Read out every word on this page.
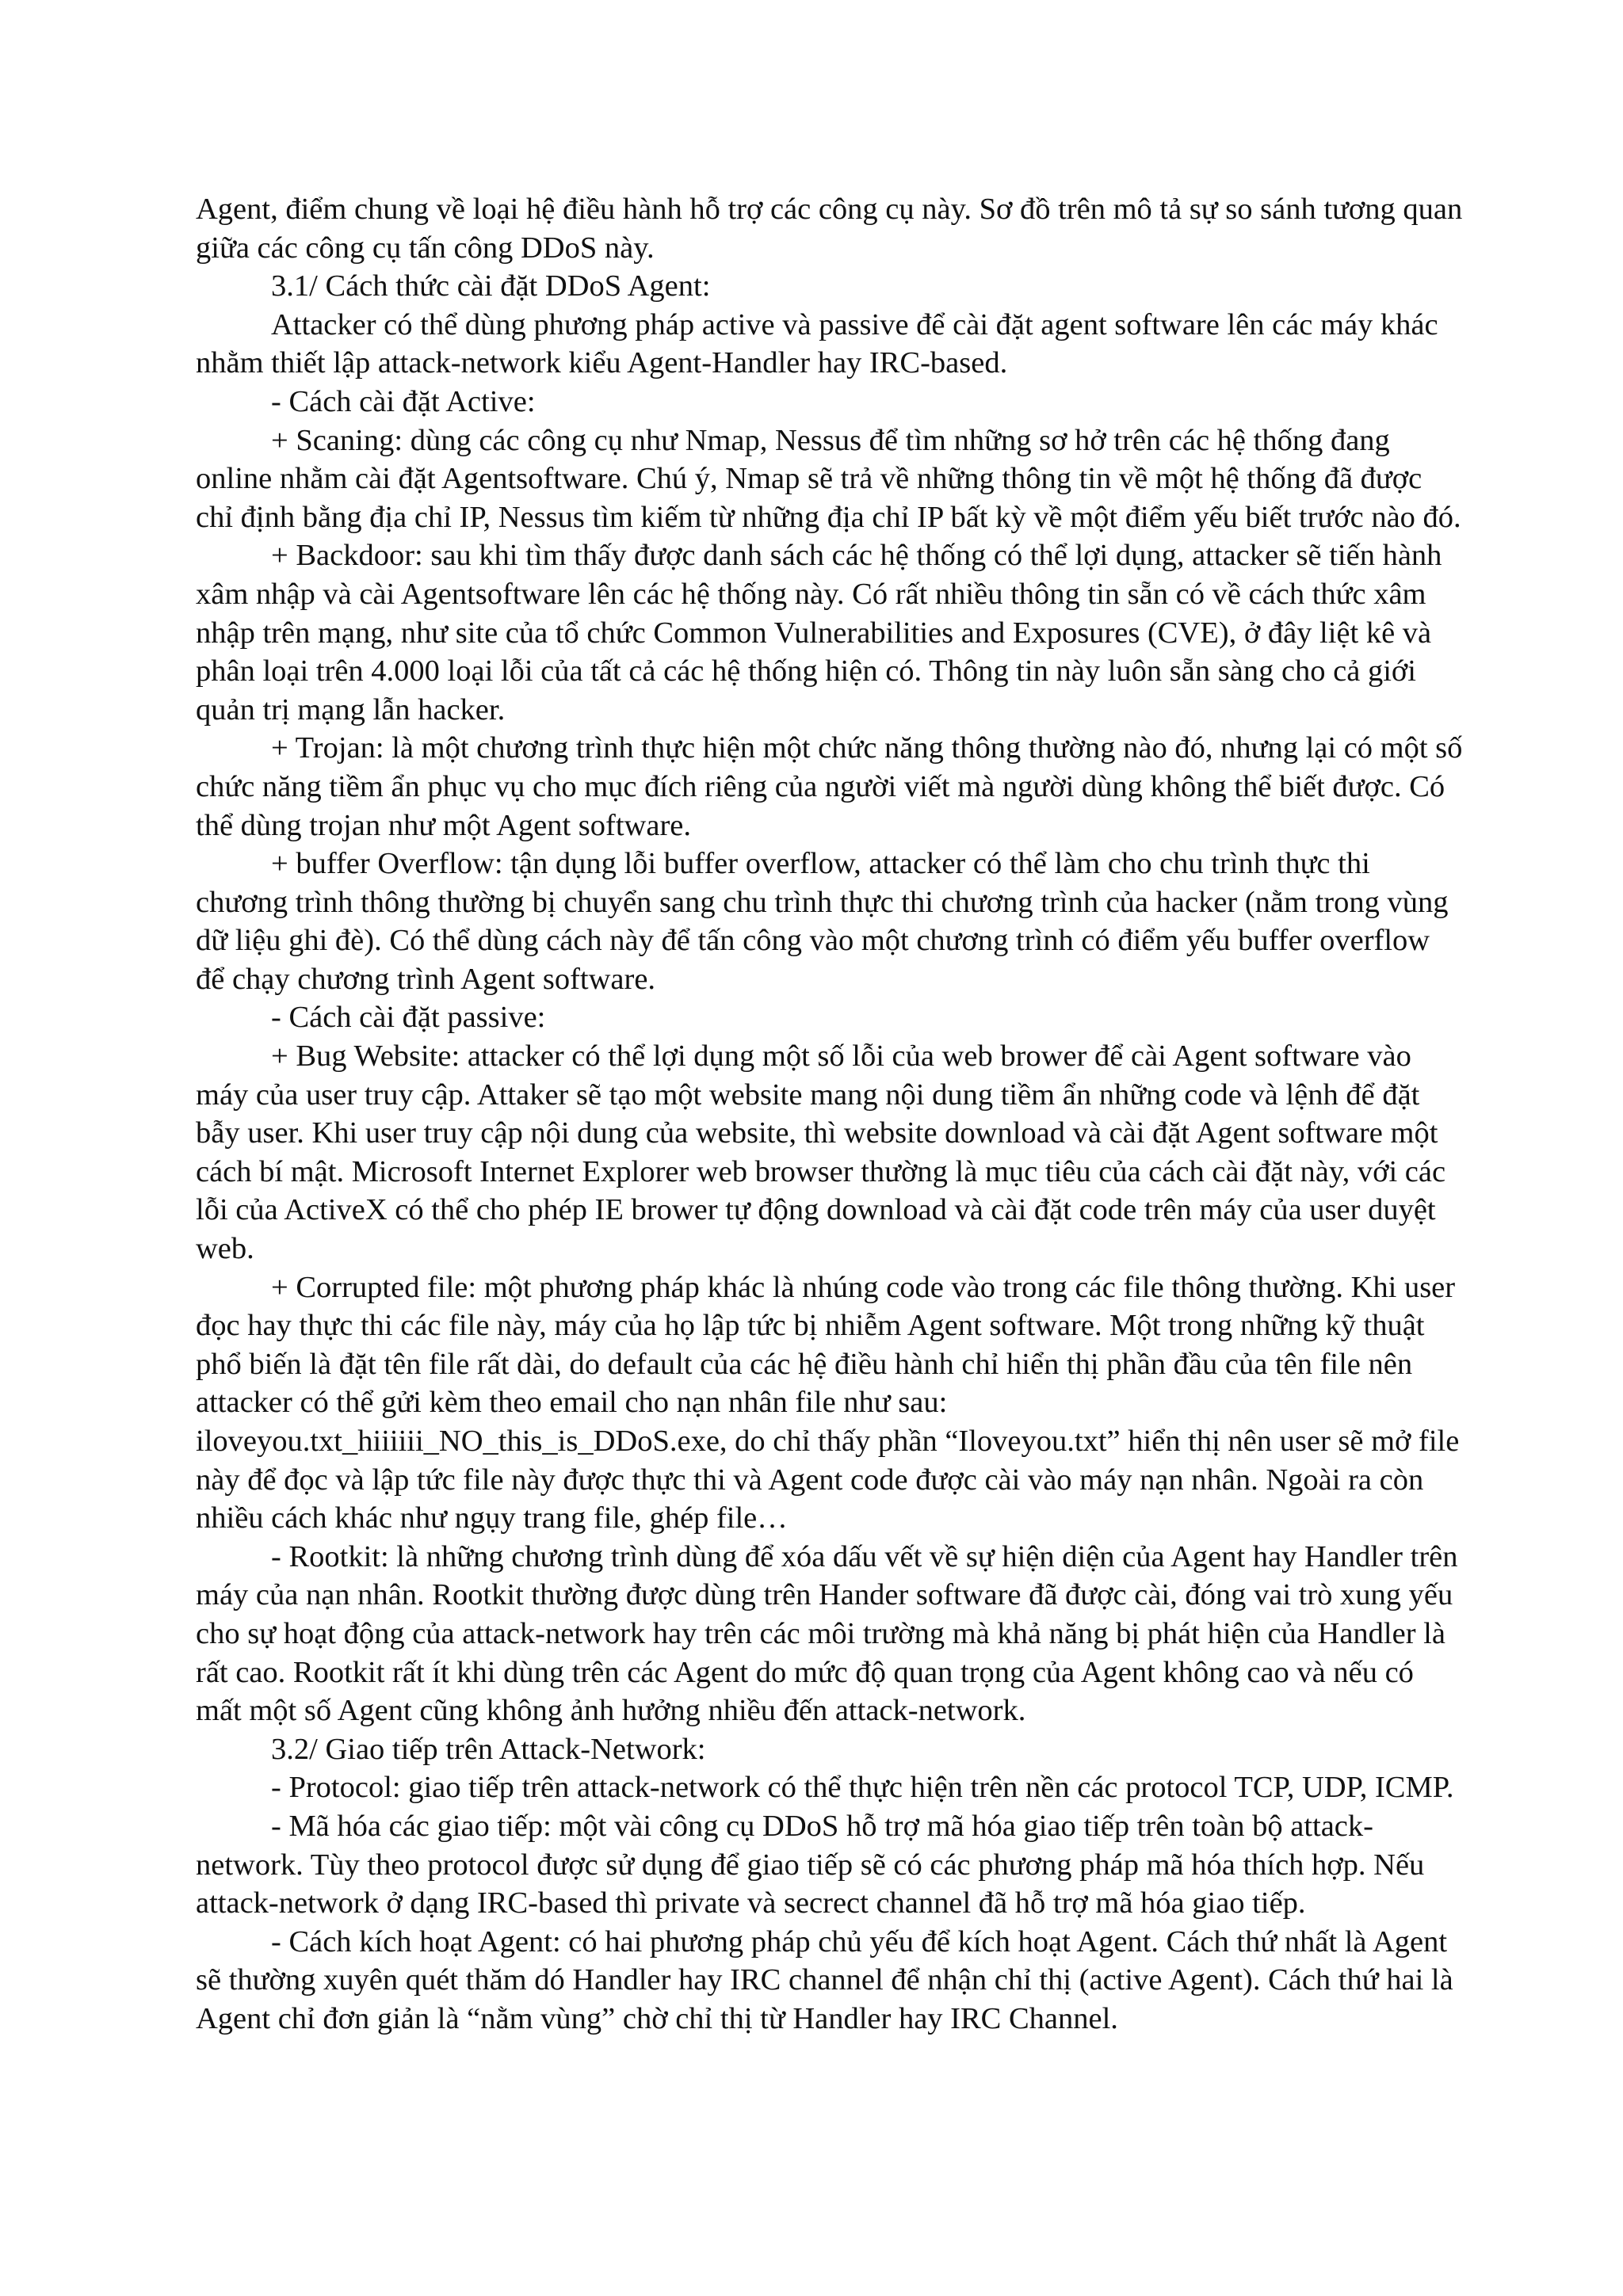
Agent, điểm chung về loại hệ điều hành hỗ trợ các công cụ này. Sơ đồ trên mô tả sự so sánh tương quan giữa các công cụ tấn công DDoS này.

3.1/ Cách thức cài đặt DDoS Agent:

Attacker có thể dùng phương pháp active và passive để cài đặt agent software lên các máy khác nhằm thiết lập attack-network kiểu Agent-Handler hay IRC-based.

- Cách cài đặt Active:

+ Scaning: dùng các công cụ như Nmap, Nessus để tìm những sơ hở trên các hệ thống đang online nhằm cài đặt Agentsoftware. Chú ý, Nmap sẽ trả về những thông tin về một hệ thống đã được chỉ định bằng địa chỉ IP, Nessus tìm kiếm từ những địa chỉ IP bất kỳ về một điểm yếu biết trước nào đó.

+ Backdoor: sau khi tìm thấy được danh sách các hệ thống có thể lợi dụng, attacker sẽ tiến hành xâm nhập và cài Agentsoftware lên các hệ thống này. Có rất nhiều thông tin sẵn có về cách thức xâm nhập trên mạng, như site của tổ chức Common Vulnerabilities and Exposures (CVE), ở đây liệt kê và phân loại trên 4.000 loại lỗi của tất cả các hệ thống hiện có. Thông tin này luôn sẵn sàng cho cả giới quản trị mạng lẫn hacker.

+ Trojan: là một chương trình thực hiện một chức năng thông thường nào đó, nhưng lại có một số chức năng tiềm ẩn phục vụ cho mục đích riêng của người viết mà người dùng không thể biết được. Có thể dùng trojan như một Agent software.

+ buffer Overflow: tận dụng lỗi buffer overflow, attacker có thể làm cho chu trình thực thi chương trình thông thường bị chuyển sang chu trình thực thi chương trình của hacker (nằm trong vùng dữ liệu ghi đè). Có thể dùng cách này để tấn công vào một chương trình có điểm yếu buffer overflow để chạy chương trình Agent software.

- Cách cài đặt passive:

+ Bug Website: attacker có thể lợi dụng một số lỗi của web brower để cài Agent software vào máy của user truy cập. Attaker sẽ tạo một website mang nội dung tiềm ẩn những code và lệnh để đặt bẫy user. Khi user truy cập nội dung của website, thì website download và cài đặt Agent software một cách bí mật. Microsoft Internet Explorer web browser thường là mục tiêu của cách cài đặt này, với các lỗi của ActiveX có thể cho phép IE brower tự động download và cài đặt code trên máy của user duyệt web.

+ Corrupted file: một phương pháp khác là nhúng code vào trong các file thông thường. Khi user đọc hay thực thi các file này, máy của họ lập tức bị nhiễm Agent software. Một trong những kỹ thuật phổ biến là đặt tên file rất dài, do default của các hệ điều hành chỉ hiển thị phần đầu của tên file nên attacker có thể gửi kèm theo email cho nạn nhân file như sau: iloveyou.txt_hiiiiii_NO_this_is_DDoS.exe, do chỉ thấy phần “Iloveyou.txt” hiển thị nên user sẽ mở file này để đọc và lập tức file này được thực thi và Agent code được cài vào máy nạn nhân. Ngoài ra còn nhiều cách khác như ngụy trang file, ghép file…

- Rootkit: là những chương trình dùng để xóa dấu vết về sự hiện diện của Agent hay Handler trên máy của nạn nhân. Rootkit thường được dùng trên Hander software đã được cài, đóng vai trò xung yếu cho sự hoạt động của attack-network hay trên các môi trường mà khả năng bị phát hiện của Handler là rất cao. Rootkit rất ít khi dùng trên các Agent do mức độ quan trọng của Agent không cao và nếu có mất một số Agent cũng không ảnh hưởng nhiều đến attack-network.

3.2/ Giao tiếp trên Attack-Network:

- Protocol: giao tiếp trên attack-network có thể thực hiện trên nền các protocol TCP, UDP, ICMP.

- Mã hóa các giao tiếp: một vài công cụ DDoS hỗ trợ mã hóa giao tiếp trên toàn bộ attack-network. Tùy theo protocol được sử dụng để giao tiếp sẽ có các phương pháp mã hóa thích hợp. Nếu attack-network ở dạng IRC-based thì private và secrect channel đã hỗ trợ mã hóa giao tiếp.

- Cách kích hoạt Agent: có hai phương pháp chủ yếu để kích hoạt Agent. Cách thứ nhất là Agent sẽ thường xuyên quét thăm dó Handler hay IRC channel để nhận chỉ thị (active Agent). Cách thứ hai là Agent chỉ đơn giản là “nằm vùng” chờ chỉ thị từ Handler hay IRC Channel.
